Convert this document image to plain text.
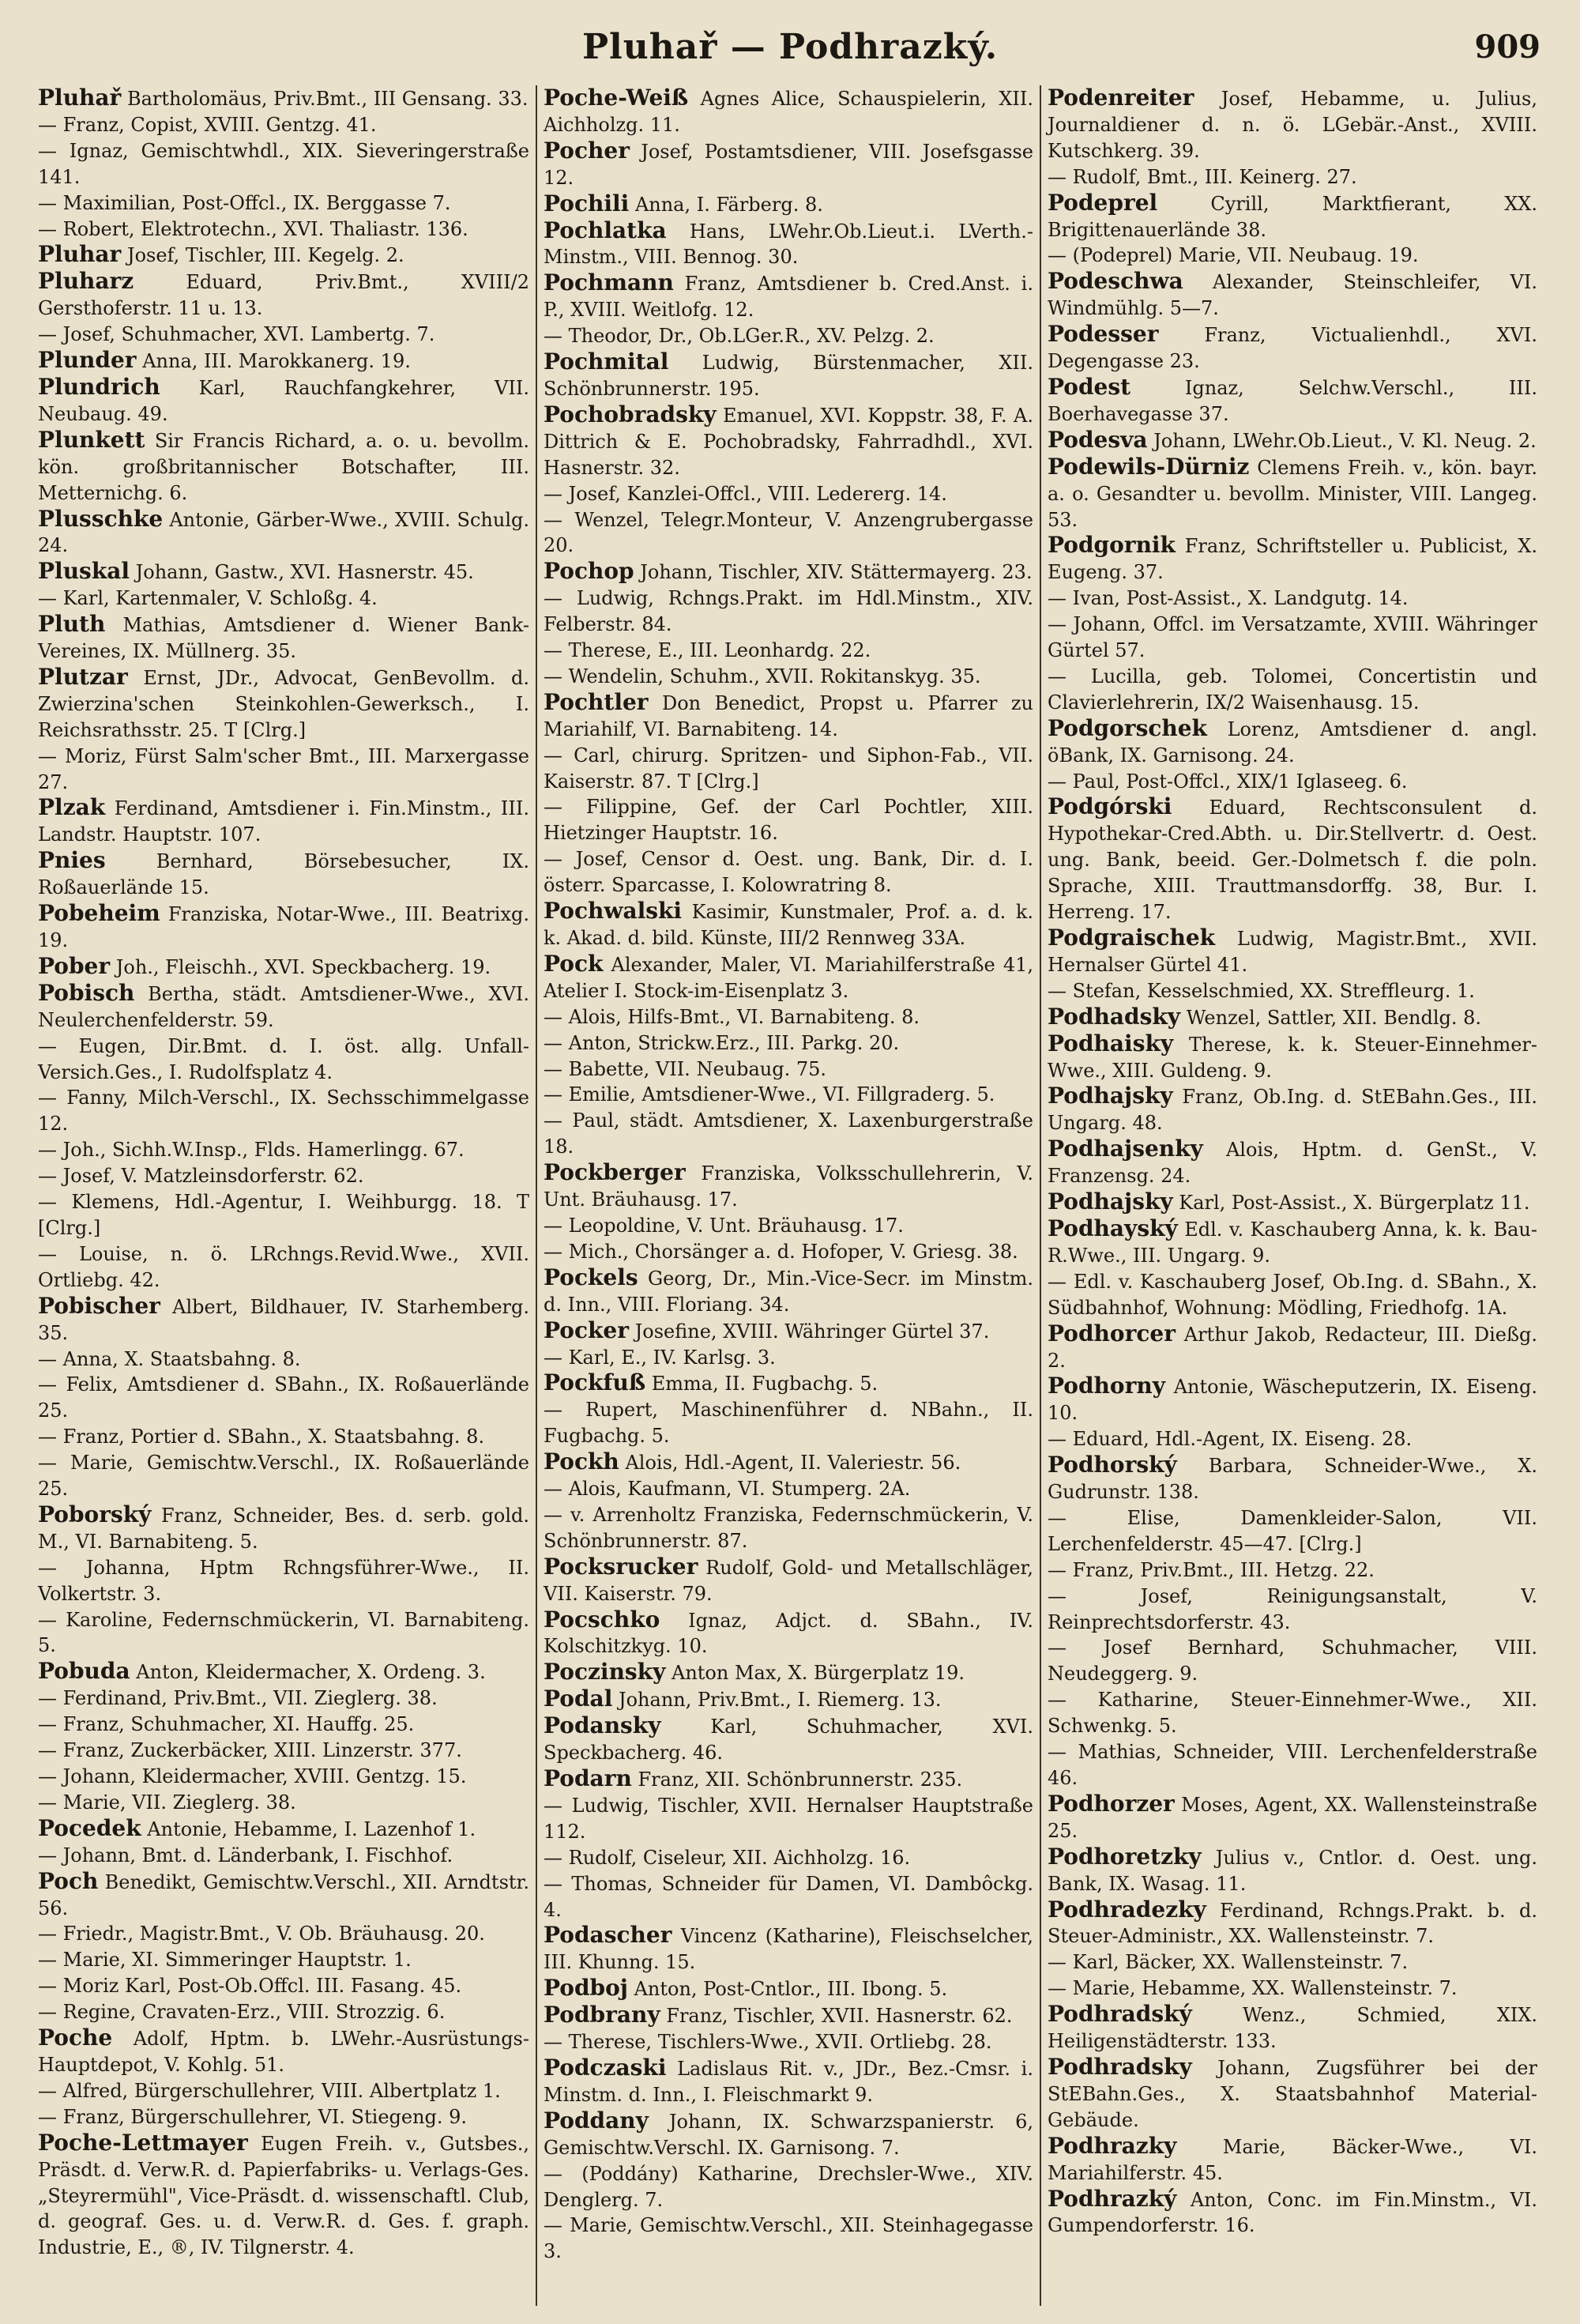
Pluhař — Podhrazký.	909

Pluhař Bartholomäus, Priv.Bmt., III Gensang. 33.

— Franz, Copist, XVIII. Gentzg. 41.

— Ignaz, Gemischtwhdl., XIX. Sieveringerstraße 141.

— Maximilian, Post-Offcl., IX. Berggasse 7.

— Robert, Elektrotechn., XVI. Thaliastr. 136.

Pluhar Josef, Tischler, III. Kegelg. 2.

Pluharz	Eduard, Priv.Bmt., XVIII/2 Gersthoferstr. 11 u. 13.

— Josef, Schuhmacher, XVI. Lambertg. 7.

Plunder Anna, III. Marokkanerg. 19.

Plundrich Karl, Rauchfangkehrer, VII. Neubaug. 49.

Plunkett Sir Francis Richard, a. o. u. bevollm. kön. großbritannischer Botschafter, III. Metternichg. 6.

Plusschke Antonie, Gärber-Wwe., XVIII. Schulg. 24.

Pluskal Johann, Gastw., XVI. Hasnerstr. 45.

— Karl, Kartenmaler, V. Schloßg. 4.

Pluth Mathias, Amtsdiener d. Wiener Bank-Vereines, IX. Müllnerg. 35.

Plutzar Ernst, JDr., Advocat, GenBevollm. d. Zwierzina'schen Steinkohlen-Gewerksch., I. Reichsrathsstr. 25. T [Clrg.]

— Moriz, Fürst Salm'scher Bmt., III. Marxergasse 27.

Plzak Ferdinand, Amtsdiener i. Fin.Minstm., III. Landstr. Hauptstr. 107.

Pnies	Bernhard, Börsebesucher, IX. Roßauerlände 15.

Pobeheim Franziska, Notar-Wwe., III. Beatrixg. 19.

Pober Joh., Fleischh., XVI. Speckbacherg. 19.

Pobisch Bertha, städt. Amtsdiener-Wwe., XVI. Neulerchenfelderstr. 59.

— Eugen, Dir.Bmt. d. I. öst. allg. Unfall-Versich.Ges., I. Rudolfsplatz 4.

— Fanny, Milch-Verschl., IX. Sechsschimmelgasse 12.

— Joh., Sichh.W.Insp., Flds. Hamerlingg. 67.

— Josef, V. Matzleinsdorferstr. 62.

— Klemens, Hdl.-Agentur, I. Weihburgg. 18. T [Clrg.]

— Louise, n. ö. LRchngs.Revid.Wwe., XVII. Ortliebg. 42.

Pobischer Albert, Bildhauer, IV. Starhemberg. 35.

— Anna, X. Staatsbahng. 8.

— Felix, Amtsdiener d. SBahn., IX. Roßauerlände 25.

— Franz, Portier d. SBahn., X. Staatsbahng. 8.

— Marie, Gemischtw.Verschl., IX. Roßauerlände 25.

Poborský Franz, Schneider, Bes. d. serb. gold. M., VI. Barnabiteng. 5.

— Johanna, Hptm Rchngsführer-Wwe., II. Volkertstr. 3.

— Karoline, Federnschmückerin, VI. Barnabiteng. 5.

Pobuda Anton, Kleidermacher, X. Ordeng. 3.

— Ferdinand, Priv.Bmt., VII. Zieglerg. 38.

— Franz, Schuhmacher, XI. Hauffg. 25.

— Franz, Zuckerbäcker, XIII. Linzerstr. 377.

— Johann, Kleidermacher, XVIII. Gentzg. 15.

— Marie, VII. Zieglerg. 38.

Pocedek Antonie, Hebamme, I. Lazenhof 1.

— Johann, Bmt. d. Länderbank, I. Fischhof.

Poch Benedikt, Gemischtw.Verschl., XII. Arndtstr. 56.

— Friedr., Magistr.Bmt., V. Ob. Bräuhausg. 20.

— Marie, XI. Simmeringer Hauptstr. 1.

— Moriz Karl, Post-Ob.Offcl. III. Fasang. 45.

— Regine, Cravaten-Erz., VIII. Strozzig. 6.

Poche Adolf, Hptm. b. LWehr.-Ausrüstungs-Hauptdepot, V. Kohlg. 51.

— Alfred, Bürgerschullehrer, VIII. Albertplatz 1.

— Franz, Bürgerschullehrer, VI. Stiegeng. 9.

Poche-Lettmayer Eugen Freih. v., Gutsbes., Präsdt. d. Verw.R. d. Papierfabriks- u. Verlags-Ges. „Steyrermühl", Vice-Präsdt. d. wissenschaftl. Club, d. geograf. Ges. u. d. Verw.R. d. Ges. f. graph. Industrie, E., ®, IV. Tilgnerstr. 4.

Poche-Weiß Agnes Alice, Schauspielerin, XII. Aichholzg. 11.

Pocher Josef, Postamtsdiener, VIII. Josefsgasse 12.

Pochili Anna, I. Färberg. 8.

Pochlatka Hans, LWehr.Ob.Lieut.i. LVerth.-Minstm., VIII. Bennog. 30.

Pochmann Franz, Amtsdiener b. Cred.Anst. i. P., XVIII. Weitlofg. 12.

— Theodor, Dr., Ob.LGer.R., XV. Pelzg. 2.

Pochmital Ludwig, Bürstenmacher, XII. Schönbrunnerstr. 195.

Pochobradsky Emanuel, XVI. Koppstr. 38, F. A. Dittrich & E. Pochobradsky, Fahrradhdl., XVI. Hasnerstr. 32.

— Josef, Kanzlei-Offcl., VIII. Ledererg. 14.

— Wenzel, Telegr.Monteur, V. Anzengrubergasse 20.

Pochop Johann, Tischler, XIV. Stättermayerg. 23.

— Ludwig, Rchngs.Prakt. im Hdl.Minstm., XIV. Felberstr. 84.

— Therese, E., III. Leonhardg. 22.

— Wendelin, Schuhm., XVII. Rokitanskyg. 35.

Pochtler Don Benedict, Propst u. Pfarrer zu Mariahilf, VI. Barnabiteng. 14.

— Carl, chirurg. Spritzen- und Siphon-Fab., VII. Kaiserstr. 87. T [Clrg.]

— Filippine, Gef. der Carl Pochtler, XIII. Hietzinger Hauptstr. 16.

— Josef, Censor d. Oest. ung. Bank, Dir. d. I. österr. Sparcasse, I. Kolowratring 8.

Pochwalski Kasimir, Kunstmaler, Prof. a. d. k. k. Akad. d. bild. Künste, III/2 Rennweg 33A.

Pock Alexander, Maler, VI. Mariahilferstraße 41, Atelier I. Stock-im-Eisenplatz 3.

— Alois, Hilfs-Bmt., VI. Barnabiteng. 8.

— Anton, Strickw.Erz., III. Parkg. 20.

— Babette, VII. Neubaug. 75.

— Emilie, Amtsdiener-Wwe., VI. Fillgraderg. 5.

— Paul, städt. Amtsdiener, X. Laxenburgerstraße 18.

Pockberger Franziska, Volksschullehrerin, V. Unt. Bräuhausg. 17.

— Leopoldine, V. Unt. Bräuhausg. 17.

— Mich., Chorsänger a. d. Hofoper, V. Griesg. 38.

Pockels Georg, Dr., Min.-Vice-Secr. im Minstm. d. Inn., VIII. Floriang. 34.

Pocker Josefine, XVIII. Währinger Gürtel 37.

— Karl, E., IV. Karlsg. 3.

Pockfuß Emma, II. Fugbachg. 5.

— Rupert, Maschinenführer d. NBahn., II. Fugbachg. 5.

Pockh Alois, Hdl.-Agent, II. Valeriestr. 56.

— Alois, Kaufmann, VI. Stumperg. 2A.

— v. Arrenholtz Franziska, Federnschmückerin, V. Schönbrunnerstr. 87.

Pocksrucker Rudolf, Gold- und Metallschläger, VII. Kaiserstr. 79.

Pocschko Ignaz, Adjct. d. SBahn., IV. Kolschitzkyg. 10.

Poczinsky Anton Max, X. Bürgerplatz 19.

Podal Johann, Priv.Bmt., I. Riemerg. 13.

Podansky	Karl, Schuhmacher, XVI. Speckbacherg. 46.

Podarn Franz, XII. Schönbrunnerstr. 235.

— Ludwig, Tischler, XVII. Hernalser Hauptstraße 112.

— Rudolf, Ciseleur, XII. Aichholzg. 16.

— Thomas, Schneider für Damen, VI. Dambôckg. 4.

Podascher Vincenz (Katharine), Fleischselcher, III. Khunng. 15.

Podboj Anton, Post-Cntlor., III. Ibong. 5.

Podbrany Franz, Tischler, XVII. Hasnerstr. 62.

— Therese, Tischlers-Wwe., XVII. Ortliebg. 28.

Podczaski Ladislaus Rit. v., JDr., Bez.-Cmsr. i. Minstm. d. Inn., I. Fleischmarkt 9.

Poddany Johann, IX. Schwarzspanierstr. 6, Gemischtw.Verschl. IX. Garnisong. 7.

— (Poddány) Katharine, Drechsler-Wwe., XIV. Denglerg. 7.

— Marie, Gemischtw.Verschl., XII. Steinhagegasse 3.

Podenreiter Josef, Hebamme, u. Julius, Journaldiener d. n. ö. LGebär.-Anst., XVIII. Kutschkerg. 39.

— Rudolf, Bmt., III. Keinerg. 27.

Podeprel	Cyrill, Marktfierant, XX. Brigittenauerlände 38.

— (Podeprel) Marie, VII. Neubaug. 19.

Podeschwa Alexander, Steinschleifer, VI. Windmühlg. 5—7.

Podesser Franz, Victualienhdl., XVI. Degengasse 23.

Podest	Ignaz, Selchw.Verschl., III. Boerhavegasse 37.

Podesva Johann, LWehr.Ob.Lieut., V. Kl. Neug. 2.

Podewils-Dürniz Clemens Freih. v., kön. bayr. a. o. Gesandter u. bevollm. Minister, VIII. Langeg. 53.

Podgornik Franz, Schriftsteller u. Publicist, X. Eugeng. 37.

— Ivan, Post-Assist., X. Landgutg. 14.

— Johann, Offcl. im Versatzamte, XVIII. Währinger Gürtel 57.

— Lucilla, geb. Tolomei, Concertistin und Clavierlehrerin, IX/2 Waisenhausg. 15.

Podgorschek Lorenz, Amtsdiener d. angl. öBank, IX. Garnisong. 24.

— Paul, Post-Offcl., XIX/1 Iglaseeg. 6.

Podgórski Eduard, Rechtsconsulent d. Hypothekar-Cred.Abth. u. Dir.Stellvertr. d. Oest. ung. Bank, beeid. Ger.-Dolmetsch f. die poln. Sprache, XIII. Trauttmansdorffg. 38, Bur. I. Herreng. 17.

Podgraischek Ludwig, Magistr.Bmt., XVII. Hernalser Gürtel 41.

— Stefan, Kesselschmied, XX. Streffleurg. 1.

Podhadsky Wenzel, Sattler, XII. Bendlg. 8.

Podhaisky Therese, k. k. Steuer-Einnehmer-Wwe., XIII. Guldeng. 9.

Podhajsky Franz, Ob.Ing. d. StEBahn.Ges., III. Ungarg. 48.

Podhajsenky Alois, Hptm. d. GenSt., V. Franzensg. 24.

Podhajsky Karl, Post-Assist., X. Bürgerplatz 11.

Podhayský Edl. v. Kaschauberg Anna, k. k. Bau-R.Wwe., III. Ungarg. 9.

— Edl. v. Kaschauberg Josef, Ob.Ing. d. SBahn., X. Südbahnhof, Wohnung: Mödling, Friedhofg. 1A.

Podhorcer Arthur Jakob, Redacteur, III. Dießg. 2.

Podhorny Antonie, Wäscheputzerin, IX. Eiseng. 10.

— Eduard, Hdl.-Agent, IX. Eiseng. 28.

Podhorský Barbara, Schneider-Wwe., X. Gudrunstr. 138.

— Elise, Damenkleider-Salon, VII. Lerchenfelderstr. 45—47. [Clrg.]

— Franz, Priv.Bmt., III. Hetzg. 22.

— Josef, Reinigungsanstalt, V. Reinprechtsdorferstr. 43.

— Josef Bernhard, Schuhmacher, VIII. Neudeggerg. 9.

— Katharine, Steuer-Einnehmer-Wwe., XII. Schwenkg. 5.

— Mathias, Schneider, VIII. Lerchenfelderstraße 46.

Podhorzer Moses, Agent, XX. Wallensteinstraße 25.

Podhoretzky Julius v., Cntlor. d. Oest. ung. Bank, IX. Wasag. 11.

Podhradezky Ferdinand, Rchngs.Prakt. b. d. Steuer-Administr., XX. Wallensteinstr. 7.

— Karl, Bäcker, XX. Wallensteinstr. 7.

— Marie, Hebamme, XX. Wallensteinstr. 7.

Podhradský	Wenz., Schmied, XIX. Heiligenstädterstr. 133.

Podhradsky Johann, Zugsführer bei der StEBahn.Ges., X. Staatsbahnhof Material-Gebäude.

Podhrazky Marie, Bäcker-Wwe., VI. Mariahilferstr. 45.

Podhrazký Anton, Conc. im Fin.Minstm., VI. Gumpendorferstr. 16.
